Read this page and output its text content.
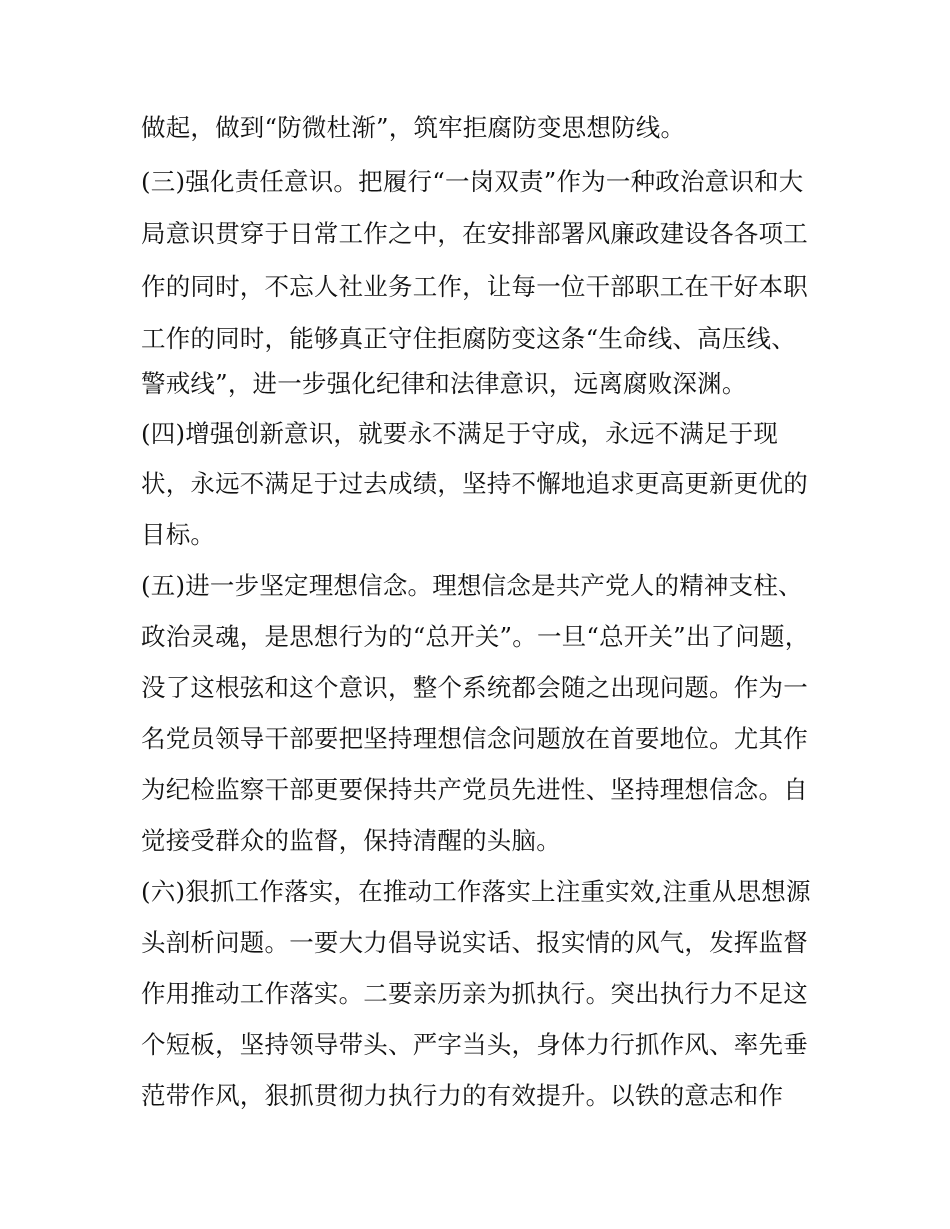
做起，做到“防微杜渐”，筑牢拒腐防变思想防线。
(三)强化责任意识。把履行“一岗双责”作为一种政治意识和大
局意识贯穿于日常工作之中，在安排部署风廉政建设各各项工
作的同时，不忘人社业务工作，让每一位干部职工在干好本职
工作的同时，能够真正守住拒腐防变这条“生命线、高压线、
警戒线”，进一步强化纪律和法律意识，远离腐败深渊。
(四)增强创新意识，就要永不满足于守成，永远不满足于现
状，永远不满足于过去成绩，坚持不懈地追求更高更新更优的
目标。
(五)进一步坚定理想信念。理想信念是共产党人的精神支柱、
政治灵魂，是思想行为的“总开关”。一旦“总开关”出了问题，
没了这根弦和这个意识，整个系统都会随之出现问题。作为一
名党员领导干部要把坚持理想信念问题放在首要地位。尤其作
为纪检监察干部更要保持共产党员先进性、坚持理想信念。自
觉接受群众的监督，保持清醒的头脑。
(六)狠抓工作落实，在推动工作落实上注重实效,注重从思想源
头剖析问题。一要大力倡导说实话、报实情的风气，发挥监督
作用推动工作落实。二要亲历亲为抓执行。突出执行力不足这
个短板，坚持领导带头、严字当头，身体力行抓作风、率先垂
范带作风，狠抓贯彻力执行力的有效提升。以铁的意志和作
